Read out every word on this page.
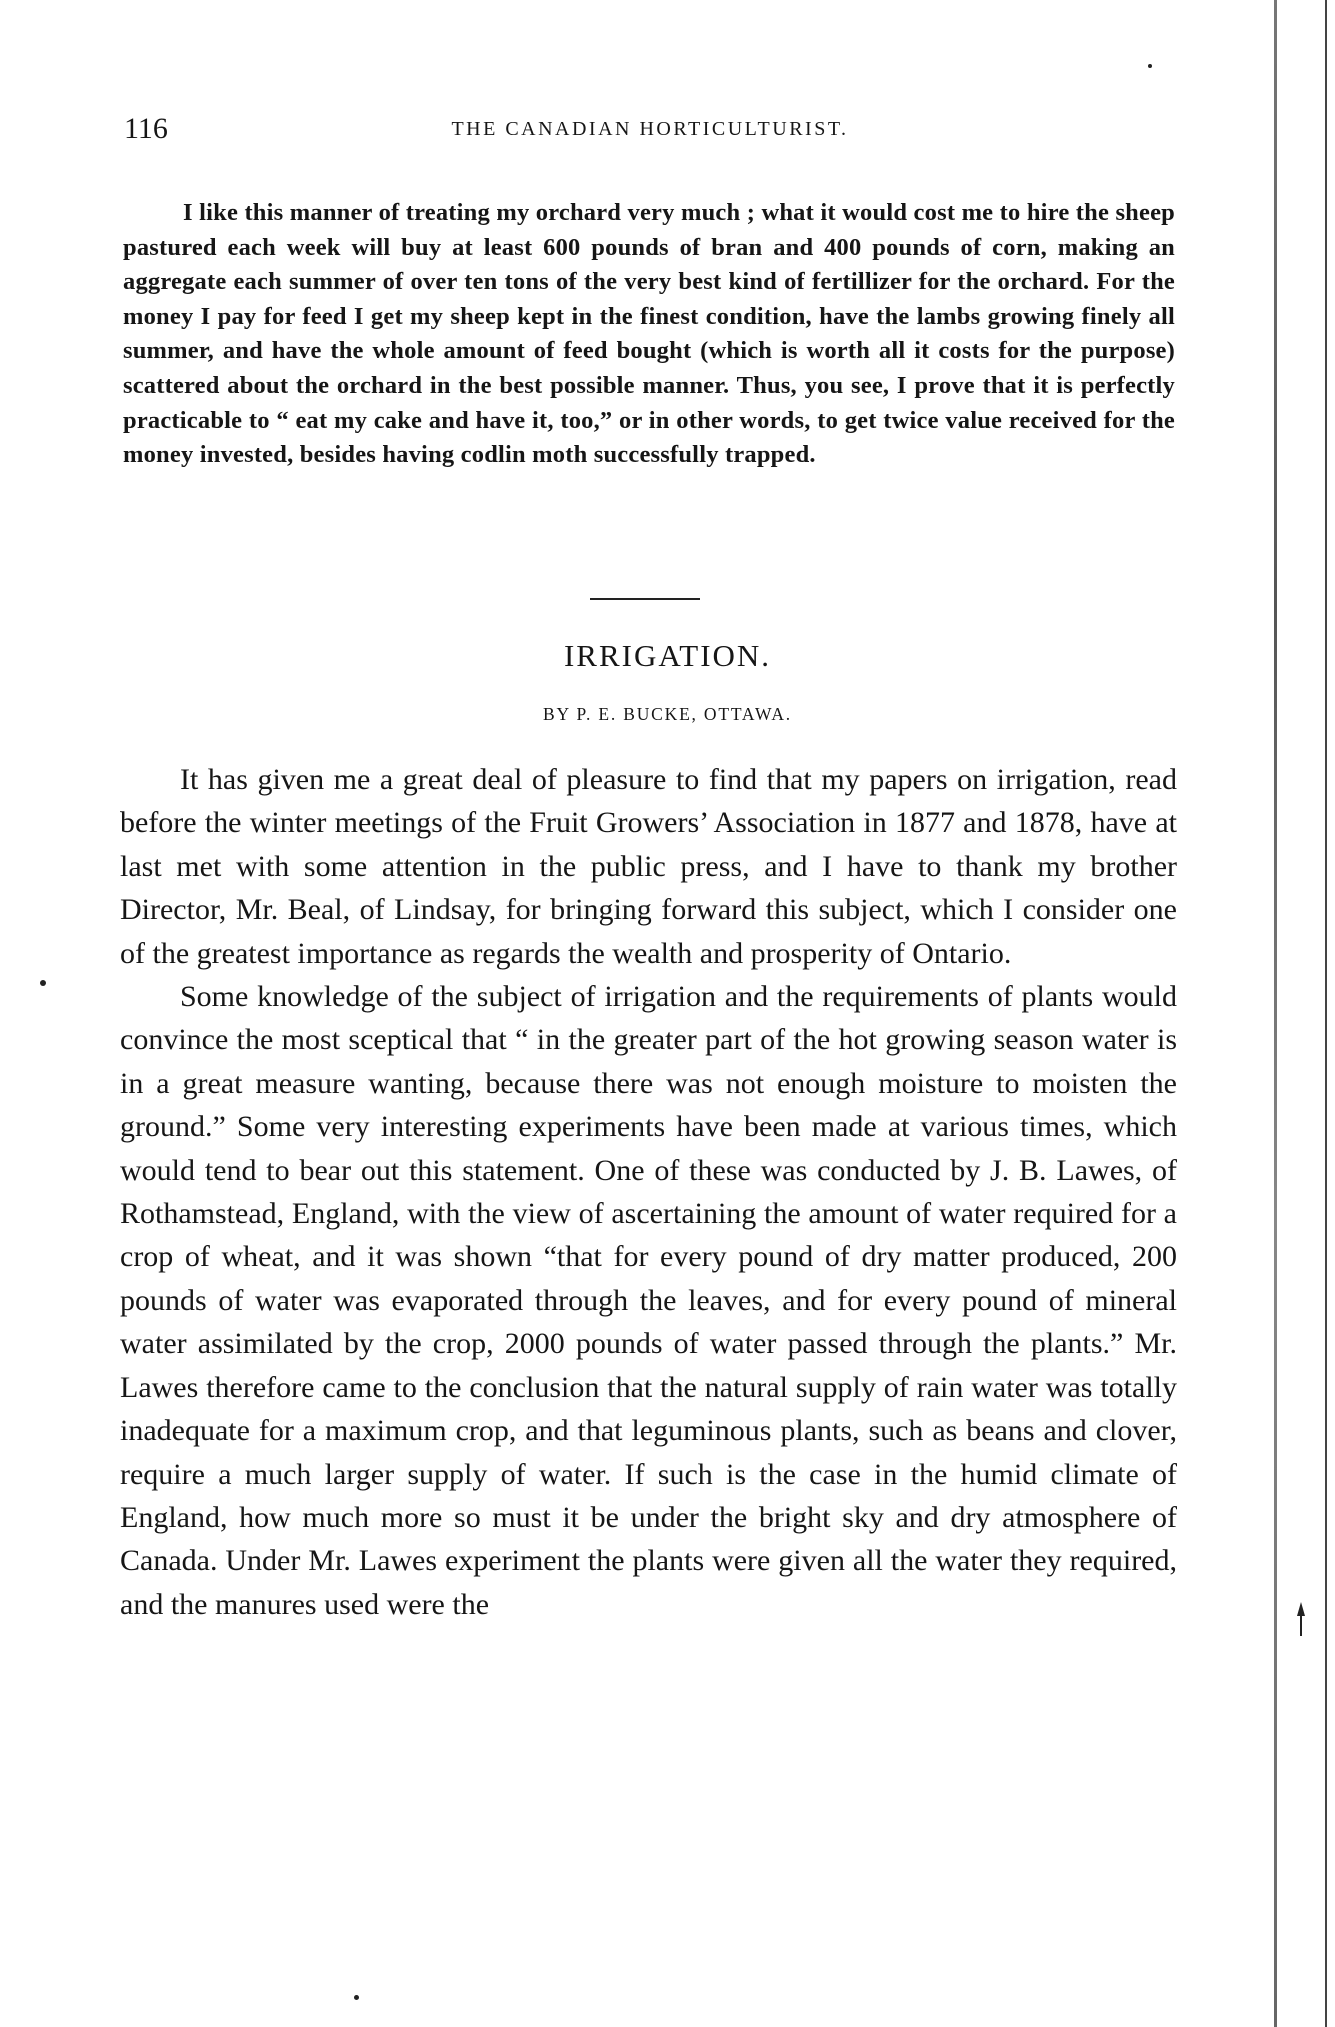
116	THE CANADIAN HORTICULTURIST.

I like this manner of treating my orchard very much ; what it would cost me to hire the sheep pastured each week will buy at least 600 pounds of bran and 400 pounds of corn, making an aggregate each summer of over ten tons of the very best kind of fertillizer for the orchard. For the money I pay for feed I get my sheep kept in the finest condition, have the lambs growing finely all summer, and have the whole amount of feed bought (which is worth all it costs for the purpose) scattered about the orchard in the best possible manner. Thus, you see, I prove that it is perfectly practicable to “ eat my cake and have it, too,” or in other words, to get twice value received for the money invested, besides having codlin moth successfully trapped.

IRRIGATION.
BY P. E. BUCKE, OTTAWA.

It has given me a great deal of pleasure to find that my papers on irrigation, read before the winter meetings of the Fruit Growers’ Association in 1877 and 1878, have at last met with some attention in the public press, and I have to thank my brother Director, Mr. Beal, of Lindsay, for bringing forward this subject, which I consider one of the greatest importance as regards the wealth and prosperity of Ontario.

Some knowledge of the subject of irrigation and the requirements of plants would convince the most sceptical that “ in the greater part of the hot growing season water is in a great measure wanting, because there was not enough moisture to moisten the ground.” Some very interesting experiments have been made at various times, which would tend to bear out this statement. One of these was conducted by J. B. Lawes, of Rothamstead, England, with the view of ascertaining the amount of water required for a crop of wheat, and it was shown “that for every pound of dry matter produced, 200 pounds of water was evaporated through the leaves, and for every pound of mineral water assimilated by the crop, 2000 pounds of water passed through the plants.” Mr. Lawes therefore came to the conclusion that the natural supply of rain water was totally inadequate for a maximum crop, and that leguminous plants, such as beans and clover, require a much larger supply of water. If such is the case in the humid climate of England, how much more so must it be under the bright sky and dry atmosphere of Canada. Under Mr. Lawes experiment the plants were given all the water they required, and the manures used were the
